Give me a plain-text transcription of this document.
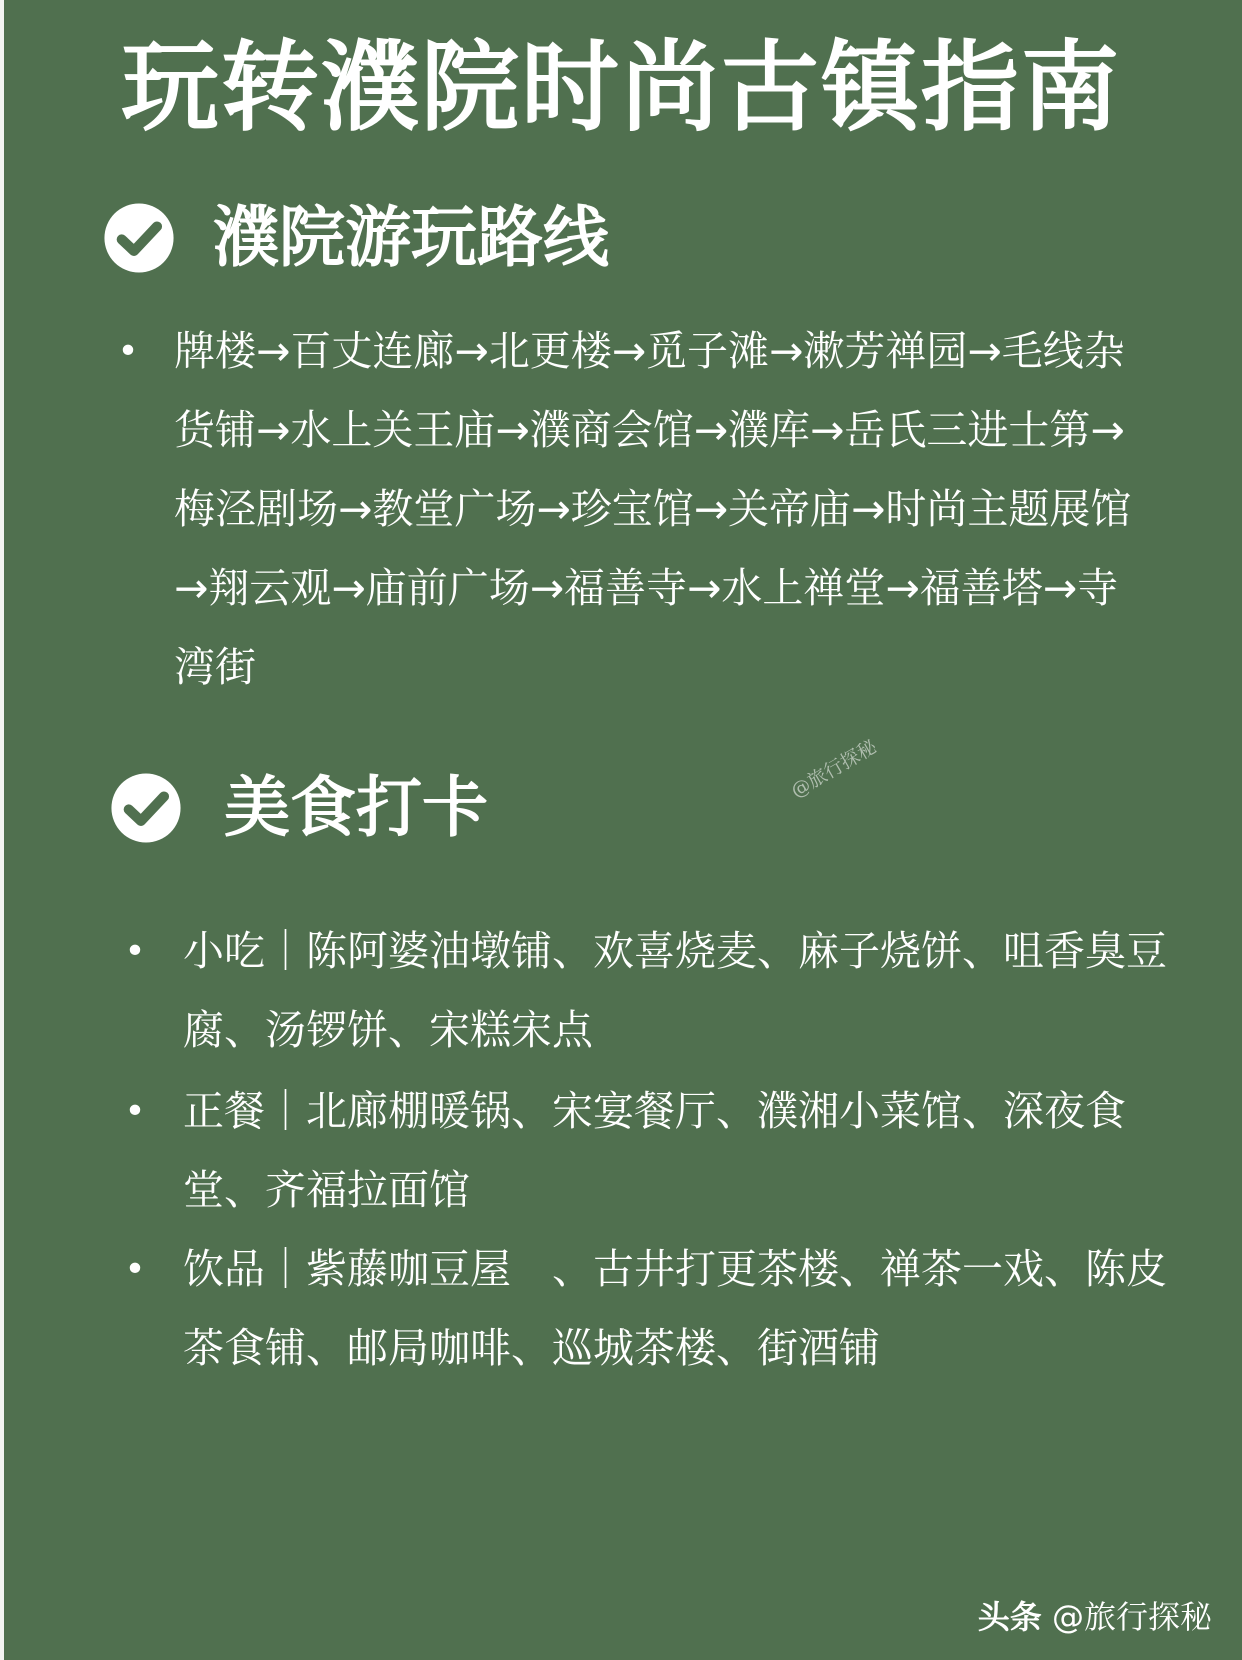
玩转濮院时尚古镇指南
濮院游玩路线
• 牌楼→百丈连廊→北更楼→觅子滩→漱芳禅园→毛线杂货铺→水上关王庙→濮商会馆→濮库→岳氏三进士第→梅泾剧场→教堂广场→珍宝馆→关帝庙→时尚主题展馆→翔云观→庙前广场→福善寺→水上禅堂→福善塔→寺湾街
美食打卡	@旅行探秘
• 小吃｜陈阿婆油墩铺、欢喜烧麦、麻子烧饼、咀香臭豆腐、汤锣饼、宋糕宋点
• 正餐｜北廊棚暖锅、宋宴餐厅、濮湘小菜馆、深夜食堂、齐福拉面馆
• 饮品｜紫藤咖豆屋　、古井打更茶楼、禅茶一戏、陈皮茶食铺、邮局咖啡、巡城茶楼、街酒铺
头条 @旅行探秘
